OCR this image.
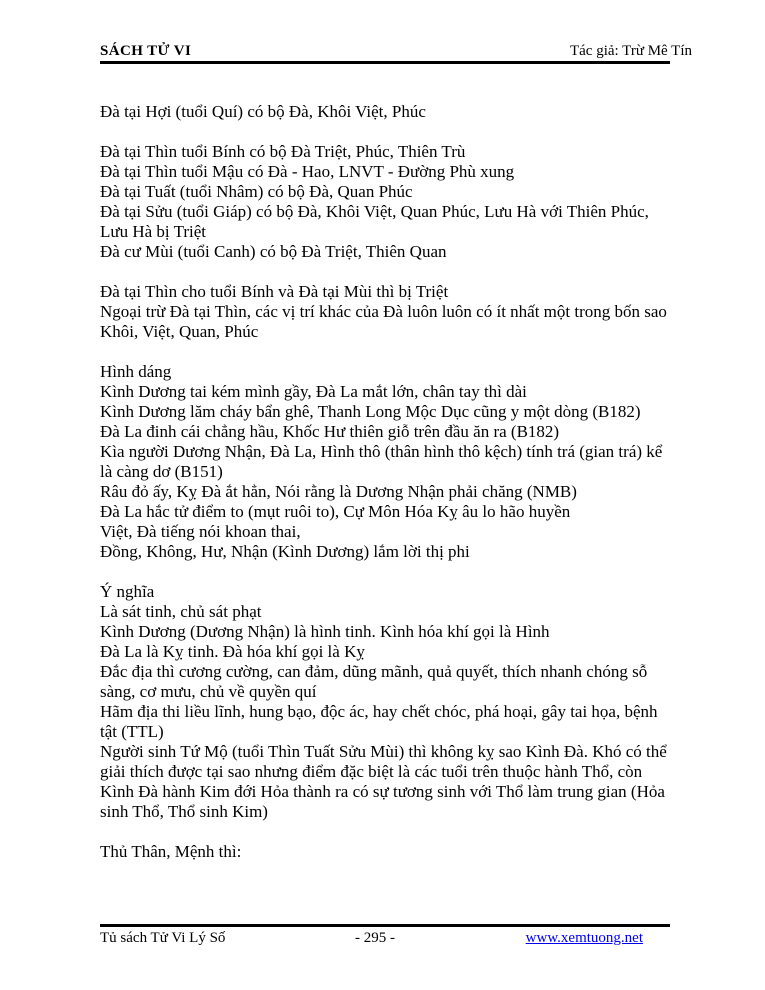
SÁCH TỬ VI	Tác giả: Trừ Mê Tín

Đà tại Hợi (tuổi Quí) có bộ Đà, Khôi Việt, Phúc

Đà tại Thìn tuổi Bính có bộ Đà Triệt, Phúc, Thiên Trù

Đà tại Thìn tuổi Mậu có Đà - Hao, LNVT - Đường Phù xung

Đà tại Tuất (tuổi Nhâm) có bộ Đà, Quan Phúc

Đà tại Sửu (tuổi Giáp) có bộ Đà, Khôi Việt, Quan Phúc, Lưu Hà với Thiên Phúc, Lưu Hà bị Triệt

Đà cư Mùi (tuổi Canh) có bộ Đà Triệt, Thiên Quan

Đà tại Thìn cho tuổi Bính và Đà tại Mùi thì bị Triệt

Ngoại trừ Đà tại Thìn, các vị trí khác của Đà luôn luôn có ít nhất một trong bốn sao Khôi, Việt, Quan, Phúc

Hình dáng

Kình Dương tai kém mình gầy, Đà La mắt lớn, chân tay thì dài

Kình Dương lăm cháy bẩn ghê, Thanh Long Mộc Dục cũng y một dòng (B182)

Đà La đinh cái chẳng hầu, Khốc Hư thiên giỗ trên đầu ăn ra (B182)

Kìa người Dương Nhận, Đà La, Hình thô (thân hình thô kệch) tính trá (gian trá) kể là càng dơ (B151)

Râu đỏ ấy, Kỵ Đà ắt hẳn, Nói rằng là Dương Nhận phải chăng (NMB)

Đà La hắc tử điểm to (mụt ruôi to), Cự Môn Hóa Kỵ âu lo hão huyền

Việt, Đà tiếng nói khoan thai,

Đồng, Không, Hư, Nhận (Kình Dương) lắm lời thị phi

Ý nghĩa

Là sát tinh, chủ sát phạt

Kình Dương (Dương Nhận) là hình tinh. Kình hóa khí gọi là Hình

Đà La là Kỵ tinh. Đà hóa khí gọi là Kỵ

Đắc địa thì cương cường, can đảm, dũng mãnh, quả quyết, thích nhanh chóng sỗ sàng, cơ mưu, chủ về quyền quí

Hãm địa thi liều lĩnh, hung bạo, độc ác, hay chết chóc, phá hoại, gây tai họa, bệnh tật (TTL)

Người sinh Tứ Mộ (tuổi Thìn Tuất Sửu Mùi) thì không kỵ sao Kình Đà. Khó có thể giải thích được tại sao nhưng điểm đặc biệt là các tuổi trên thuộc hành Thổ, còn Kình Đà hành Kim đới Hỏa thành ra có sự tương sinh với Thổ làm trung gian (Hỏa sinh Thổ, Thổ sinh Kim)

Thủ Thân, Mệnh thì:

Tủ sách Tử Vi Lý Số	- 295 -	www.xemtuong.net
